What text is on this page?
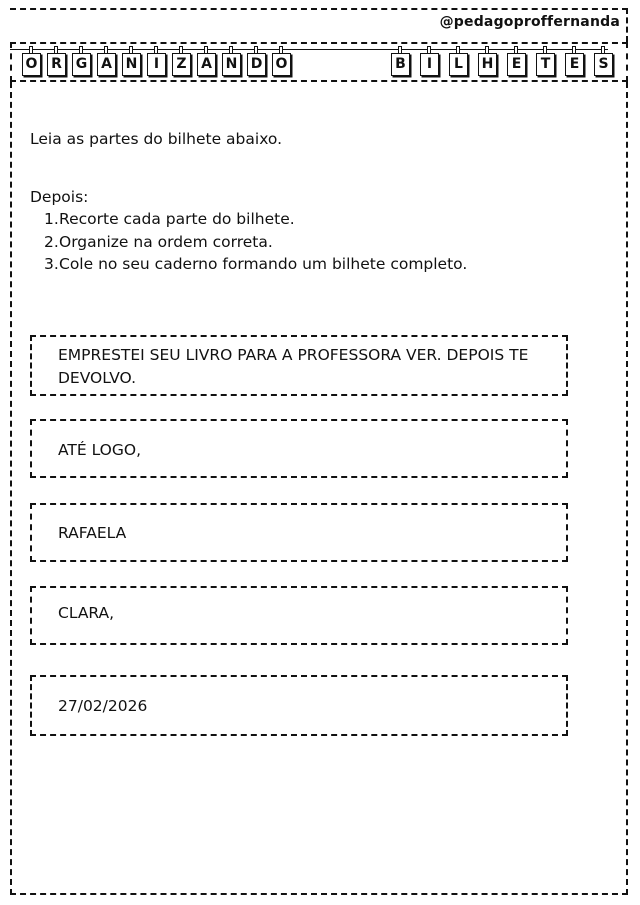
@pedagoproffernanda
O R G A N	I	Z	A N D O	B	I	L	H	E	T	E	S

Leia as partes do bilhete abaixo.

Depois:

1.Recorte cada parte do bilhete.
2.Organize na ordem correta.
3.Cole no seu caderno formando um bilhete completo.
EMPRESTEI SEU LIVRO PARA A PROFESSORA VER. DEPOIS TE DEVOLVO.
ATÉ LOGO,
RAFAELA
CLARA,
27/02/2026
